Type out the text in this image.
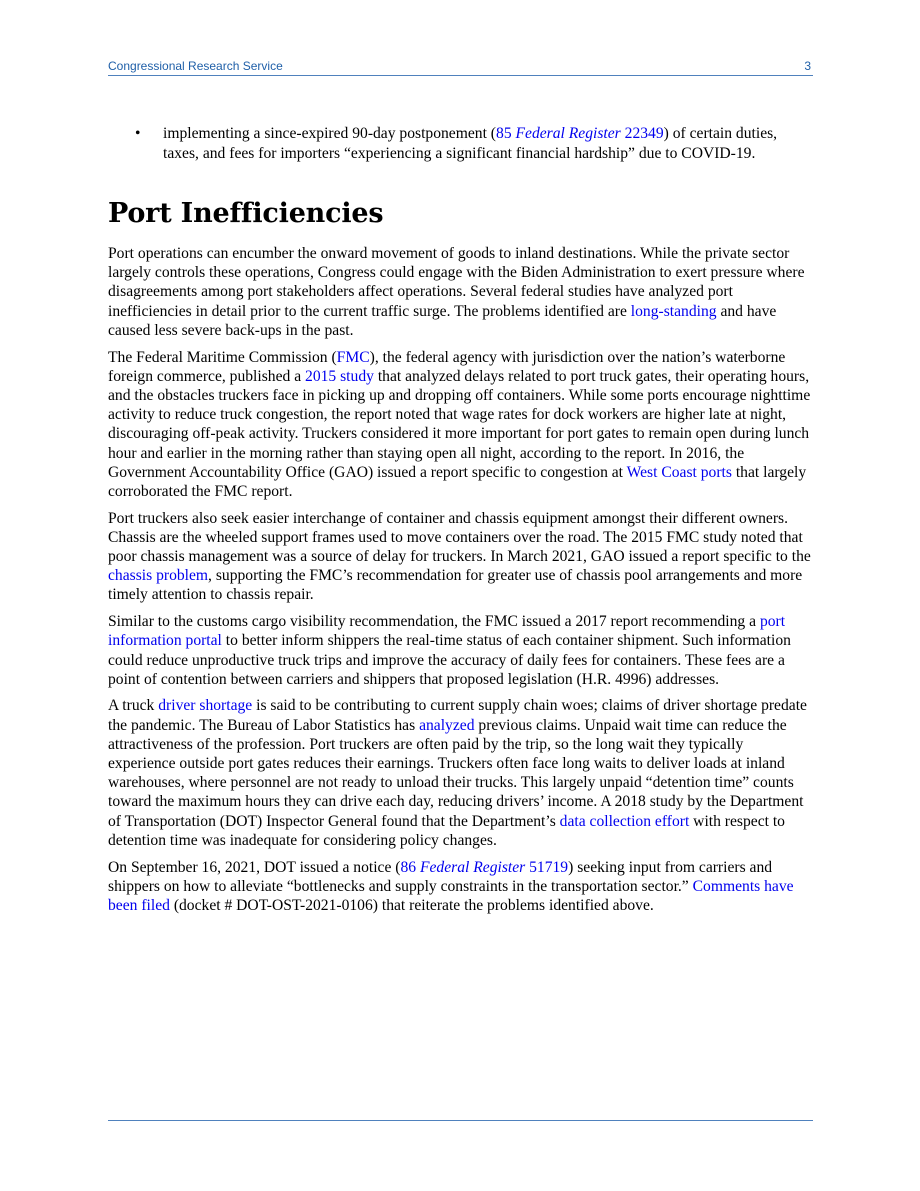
Congressional Research Service	3
• implementing a since-expired 90-day postponement (85 Federal Register 22349) of certain duties, taxes, and fees for importers “experiencing a significant financial hardship” due to COVID-19.
Port Inefficiencies

Port operations can encumber the onward movement of goods to inland destinations. While the private sector largely controls these operations, Congress could engage with the Biden Administration to exert pressure where disagreements among port stakeholders affect operations. Several federal studies have analyzed port inefficiencies in detail prior to the current traffic surge. The problems identified are long-standing and have caused less severe back-ups in the past.

The Federal Maritime Commission (FMC), the federal agency with jurisdiction over the nation’s waterborne foreign commerce, published a 2015 study that analyzed delays related to port truck gates, their operating hours, and the obstacles truckers face in picking up and dropping off containers. While some ports encourage nighttime activity to reduce truck congestion, the report noted that wage rates for dock workers are higher late at night, discouraging off-peak activity. Truckers considered it more important for port gates to remain open during lunch hour and earlier in the morning rather than staying open all night, according to the report. In 2016, the Government Accountability Office (GAO) issued a report specific to congestion at West Coast ports that largely corroborated the FMC report.

Port truckers also seek easier interchange of container and chassis equipment amongst their different owners. Chassis are the wheeled support frames used to move containers over the road. The 2015 FMC study noted that poor chassis management was a source of delay for truckers. In March 2021, GAO issued a report specific to the chassis problem, supporting the FMC’s recommendation for greater use of chassis pool arrangements and more timely attention to chassis repair.

Similar to the customs cargo visibility recommendation, the FMC issued a 2017 report recommending a port information portal to better inform shippers the real-time status of each container shipment. Such information could reduce unproductive truck trips and improve the accuracy of daily fees for containers. These fees are a point of contention between carriers and shippers that proposed legislation (H.R. 4996) addresses.

A truck driver shortage is said to be contributing to current supply chain woes; claims of driver shortage predate the pandemic. The Bureau of Labor Statistics has analyzed previous claims. Unpaid wait time can reduce the attractiveness of the profession. Port truckers are often paid by the trip, so the long wait they typically experience outside port gates reduces their earnings. Truckers often face long waits to deliver loads at inland warehouses, where personnel are not ready to unload their trucks. This largely unpaid “detention time” counts toward the maximum hours they can drive each day, reducing drivers’ income. A 2018 study by the Department of Transportation (DOT) Inspector General found that the Department’s data collection effort with respect to detention time was inadequate for considering policy changes.

On September 16, 2021, DOT issued a notice (86 Federal Register 51719) seeking input from carriers and shippers on how to alleviate “bottlenecks and supply constraints in the transportation sector.” Comments have been filed (docket # DOT-OST-2021-0106) that reiterate the problems identified above.
